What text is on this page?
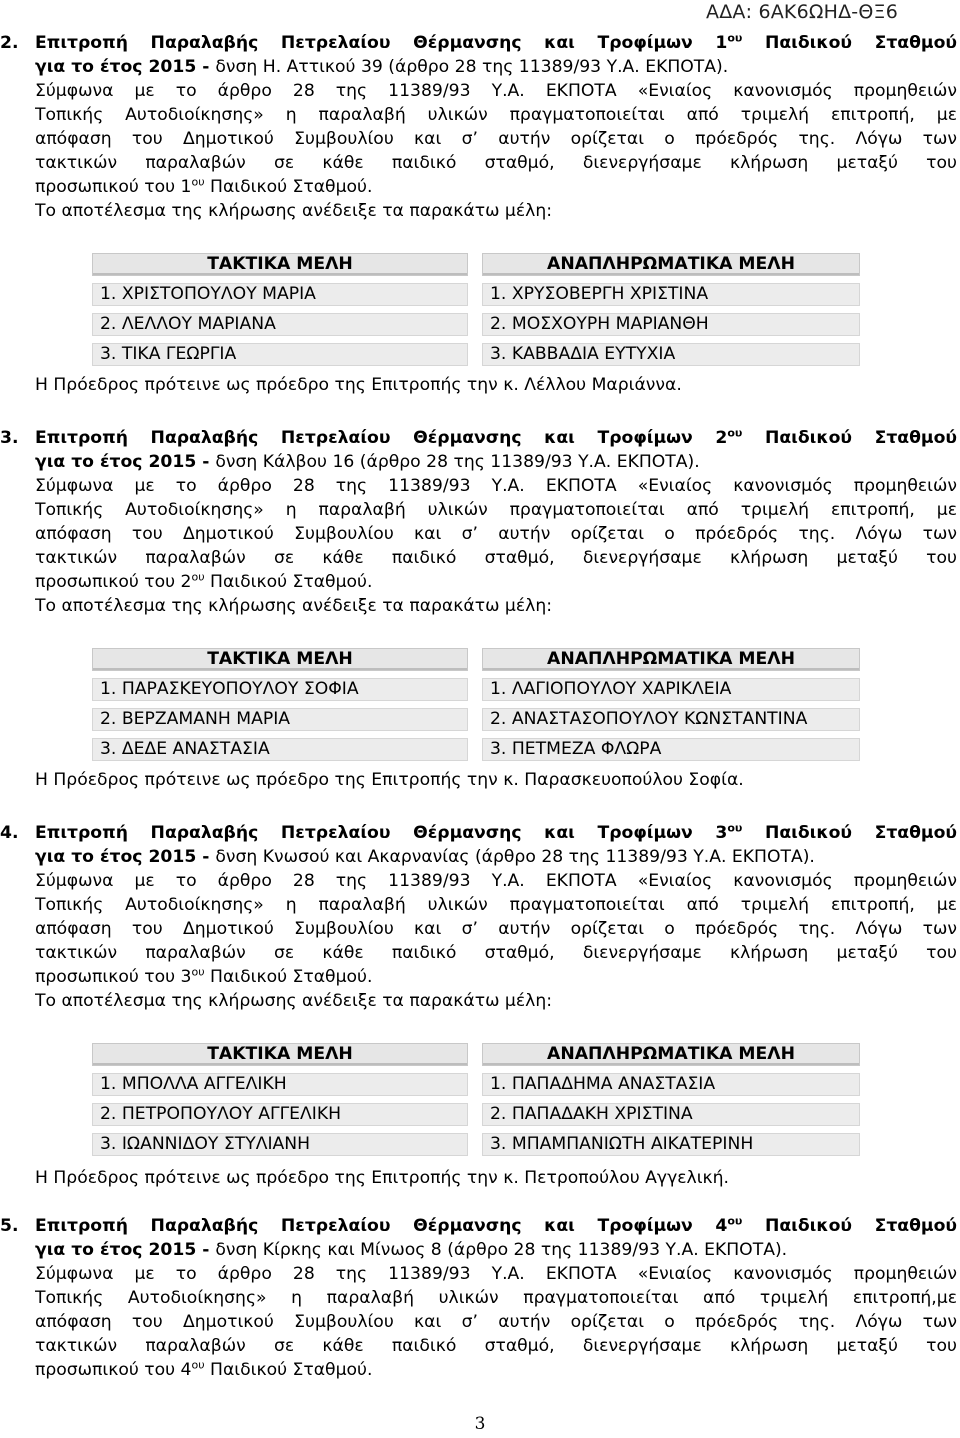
ΑΔΑ: 6ΑΚ6ΩΗΔ-ΘΞ6
2. Επιτροπή Παραλαβής Πετρελαίου Θέρμανσης και Τροφίμων $1^{o\upsilon}$ Παιδικού Σταθμού
για το έτος 2015 - δνση Η. Αττικού 39 (άρθρο 28 της 11389/93 Υ.Α. ΕΚΠΟΤΑ).
Σύμφωνα με το άρθρο 28 της 11389/93 Υ.Α. ΕΚΠΟΤΑ «Ενιαίος κανονισμός προμηθειών
Τοπικής Αυτοδιοίκησης» η παραλαβή υλικών πραγματοποιείται από τριμελή επιτροπή, με
απόφαση του Δημοτικού Συμβουλίου και σ’ αυτήν ορίζεται ο πρόεδρός της. Λόγω των
τακτικών παραλαβών σε κάθε παιδικό σταθμό, διενεργήσαμε κλήρωση μεταξύ του
προσωπικού του $1^{o\upsilon}$ Παιδικού Σταθμού.
Το αποτέλεσμα της κλήρωσης ανέδειξε τα παρακάτω μέλη:
ΤΑΚΤΙΚΑ ΜΕΛΗ	ΑΝΑΠΛΗΡΩΜΑΤΙΚΑ ΜΕΛΗ
1. ΧΡΙΣΤΟΠΟΥΛΟΥ ΜΑΡΙΑ	1. ΧΡΥΣΟΒΕΡΓΗ ΧΡΙΣΤΙΝΑ
2. ΛΕΛΛΟΥ ΜΑΡΙΑΝΑ	2. ΜΟΣΧΟΥΡΗ ΜΑΡΙΑΝΘΗ
3. ΤΙΚΑ ΓΕΩΡΓΙΑ	3. ΚΑΒΒΑΔΙΑ ΕΥΤΥΧΙΑ
Η Πρόεδρος πρότεινε ως πρόεδρο της Επιτροπής την κ. Λέλλου Μαριάννα.
3. Επιτροπή Παραλαβής Πετρελαίου Θέρμανσης και Τροφίμων $2^{o\upsilon}$ Παιδικού Σταθμού
για το έτος 2015 - δνση Κάλβου 16 (άρθρο 28 της 11389/93 Υ.Α. ΕΚΠΟΤΑ).
Σύμφωνα με το άρθρο 28 της 11389/93 Υ.Α. ΕΚΠΟΤΑ «Ενιαίος κανονισμός προμηθειών
Τοπικής Αυτοδιοίκησης» η παραλαβή υλικών πραγματοποιείται από τριμελή επιτροπή, με
απόφαση του Δημοτικού Συμβουλίου και σ’ αυτήν ορίζεται ο πρόεδρός της. Λόγω των
τακτικών παραλαβών σε κάθε παιδικό σταθμό, διενεργήσαμε κλήρωση μεταξύ του
προσωπικού του $2^{o\upsilon}$ Παιδικού Σταθμού.
Το αποτέλεσμα της κλήρωσης ανέδειξε τα παρακάτω μέλη:
ΤΑΚΤΙΚΑ ΜΕΛΗ	ΑΝΑΠΛΗΡΩΜΑΤΙΚΑ ΜΕΛΗ
1. ΠΑΡΑΣΚΕΥΟΠΟΥΛΟΥ ΣΟΦΙΑ	1. ΛΑΓΙΟΠΟΥΛΟΥ ΧΑΡΙΚΛΕΙΑ
2. ΒΕΡΖΑΜΑΝΗ ΜΑΡΙΑ	2. ΑΝΑΣΤΑΣΟΠΟΥΛΟΥ ΚΩΝΣΤΑΝΤΙΝΑ
3. ΔΕΔΕ ΑΝΑΣΤΑΣΙΑ	3. ΠΕΤΜΕΖΑ ΦΛΩΡΑ
Η Πρόεδρος πρότεινε ως πρόεδρο της Επιτροπής την κ. Παρασκευοπούλου Σοφία.
4. Επιτροπή Παραλαβής Πετρελαίου Θέρμανσης και Τροφίμων $3^{o\upsilon}$ Παιδικού Σταθμού
για το έτος 2015 - δνση Κνωσού και Ακαρνανίας (άρθρο 28 της 11389/93 Υ.Α. ΕΚΠΟΤΑ).
Σύμφωνα με το άρθρο 28 της 11389/93 Υ.Α. ΕΚΠΟΤΑ «Ενιαίος κανονισμός προμηθειών
Τοπικής Αυτοδιοίκησης» η παραλαβή υλικών πραγματοποιείται από τριμελή επιτροπή, με
απόφαση του Δημοτικού Συμβουλίου και σ’ αυτήν ορίζεται ο πρόεδρός της. Λόγω των
τακτικών παραλαβών σε κάθε παιδικό σταθμό, διενεργήσαμε κλήρωση μεταξύ του
προσωπικού του $3^{o\upsilon}$ Παιδικού Σταθμού.
Το αποτέλεσμα της κλήρωσης ανέδειξε τα παρακάτω μέλη:
ΤΑΚΤΙΚΑ ΜΕΛΗ	ΑΝΑΠΛΗΡΩΜΑΤΙΚΑ ΜΕΛΗ
1. ΜΠΟΛΛΑ ΑΓΓΕΛΙΚΗ	1. ΠΑΠΑΔΗΜΑ ΑΝΑΣΤΑΣΙΑ
2. ΠΕΤΡΟΠΟΥΛΟΥ ΑΓΓΕΛΙΚΗ	2. ΠΑΠΑΔΑΚΗ ΧΡΙΣΤΙΝΑ
3. ΙΩΑΝΝΙΔΟΥ ΣΤΥΛΙΑΝΗ	3. ΜΠΑΜΠΑΝΙΩΤΗ ΑΙΚΑΤΕΡΙΝΗ
Η Πρόεδρος πρότεινε ως πρόεδρο της Επιτροπής την κ. Πετροπούλου Αγγελική.
5. Επιτροπή Παραλαβής Πετρελαίου Θέρμανσης και Τροφίμων $4^{o\upsilon}$ Παιδικού Σταθμού
για το έτος 2015 - δνση Κίρκης και Μίνωος 8 (άρθρο 28 της 11389/93 Υ.Α. ΕΚΠΟΤΑ).
Σύμφωνα με το άρθρο 28 της 11389/93 Υ.Α. ΕΚΠΟΤΑ «Ενιαίος κανονισμός προμηθειών
Τοπικής Αυτοδιοίκησης» η παραλαβή υλικών πραγματοποιείται από τριμελή επιτροπή,με
απόφαση του Δημοτικού Συμβουλίου και σ’ αυτήν ορίζεται ο πρόεδρός της. Λόγω των
τακτικών παραλαβών σε κάθε παιδικό σταθμό, διενεργήσαμε κλήρωση μεταξύ του
προσωπικού του $4^{o\upsilon}$ Παιδικού Σταθμού.
3
